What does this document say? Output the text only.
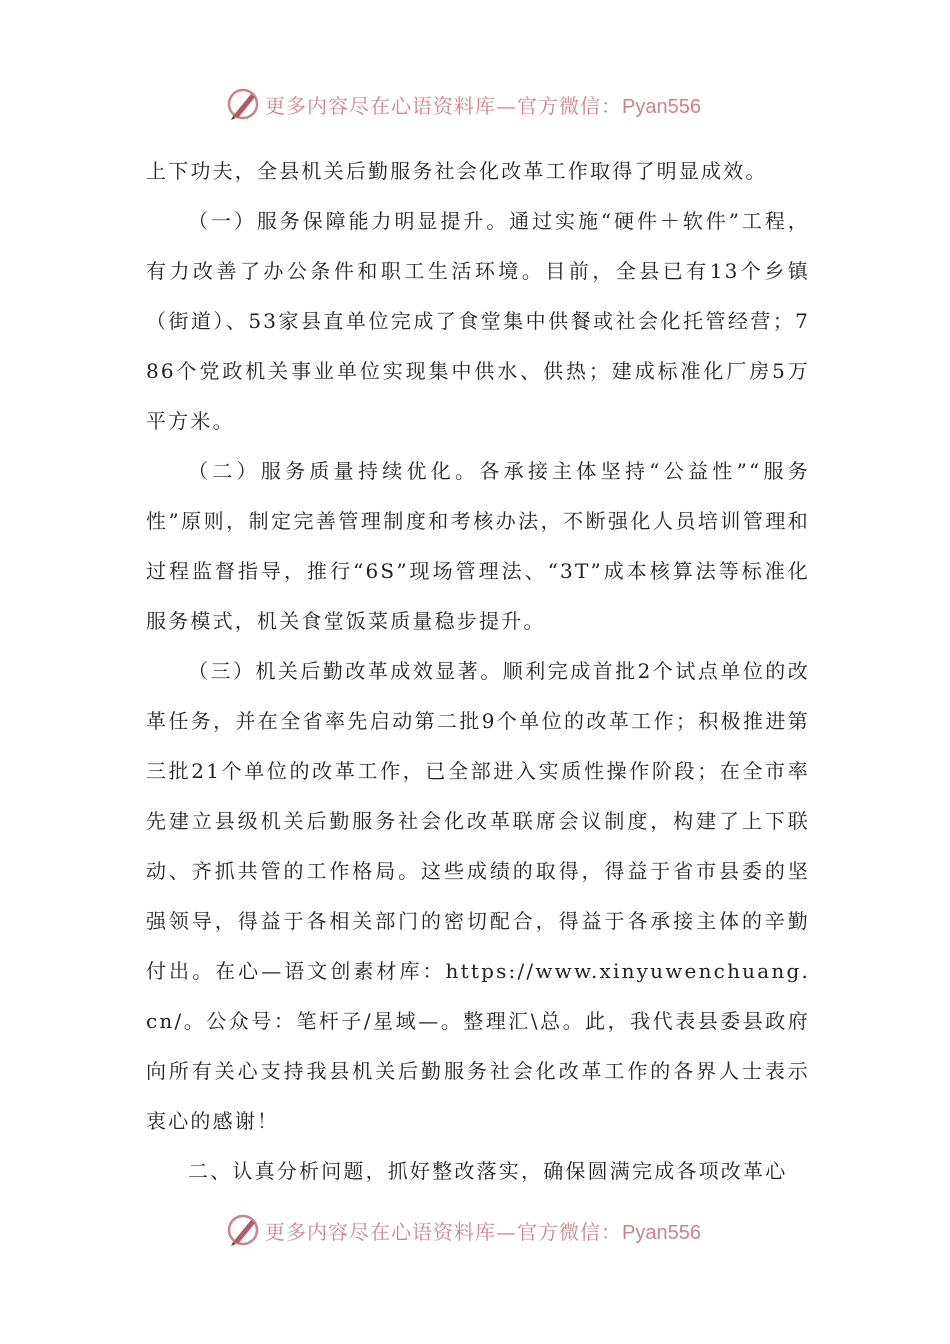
更多内容尽在心语资料库—官方微信：Pyan556

上下功夫，全县机关后勤服务社会化改革工作取得了明显成效。

（一）服务保障能力明显提升。通过实施“硬件＋软件”工程，有力改善了办公条件和职工生活环境。目前，全县已有13个乡镇（街道）、53家县直单位完成了食堂集中供餐或社会化托管经营；786个党政机关事业单位实现集中供水、供热；建成标准化厂房5万平方米。

（二）服务质量持续优化。各承接主体坚持“公益性”“服务性”原则，制定完善管理制度和考核办法，不断强化人员培训管理和过程监督指导，推行“6S”现场管理法、“3T”成本核算法等标准化服务模式，机关食堂饭菜质量稳步提升。

（三）机关后勤改革成效显著。顺利完成首批2个试点单位的改革任务，并在全省率先启动第二批9个单位的改革工作；积极推进第三批21个单位的改革工作，已全部进入实质性操作阶段；在全市率先建立县级机关后勤服务社会化改革联席会议制度，构建了上下联动、齐抓共管的工作格局。这些成绩的取得，得益于省市县委的坚强领导，得益于各相关部门的密切配合，得益于各承接主体的辛勤付出。在心—语文创素材库：https://www.xinyuwenchuang.cn/。公众号：笔杆子/星域—。整理汇\总。此，我代表县委县政府向所有关心支持我县机关后勤服务社会化改革工作的各界人士表示衷心的感谢！

二、认真分析问题，抓好整改落实，确保圆满完成各项改革心

更多内容尽在心语资料库—官方微信：Pyan556
